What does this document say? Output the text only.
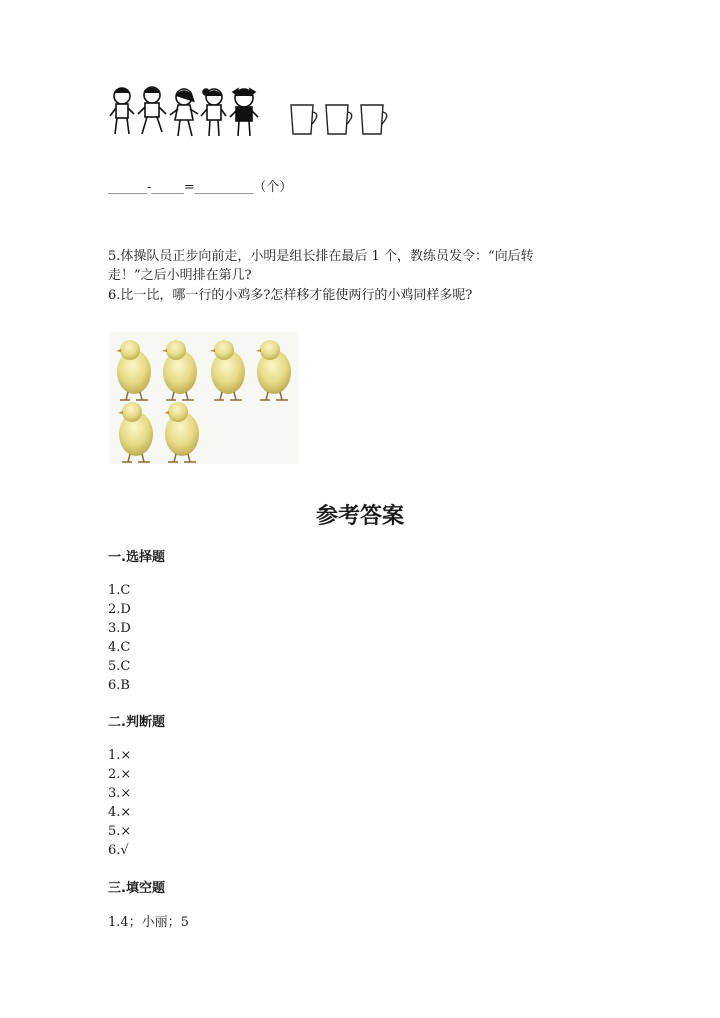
______-_____=_________（个）
5.体操队员正步向前走，小明是组长排在最后 1 个，教练员发令：“向后转
走！”之后小明排在第几?
6.比一比，哪一行的小鸡多?怎样移才能使两行的小鸡同样多呢?
参考答案
一.选择题
1.C
2.D
3.D
4.C
5.C
6.B
二.判断题
1.×
2.×
3.×
4.×
5.×
6.√
三.填空题
1.4；小丽；5
